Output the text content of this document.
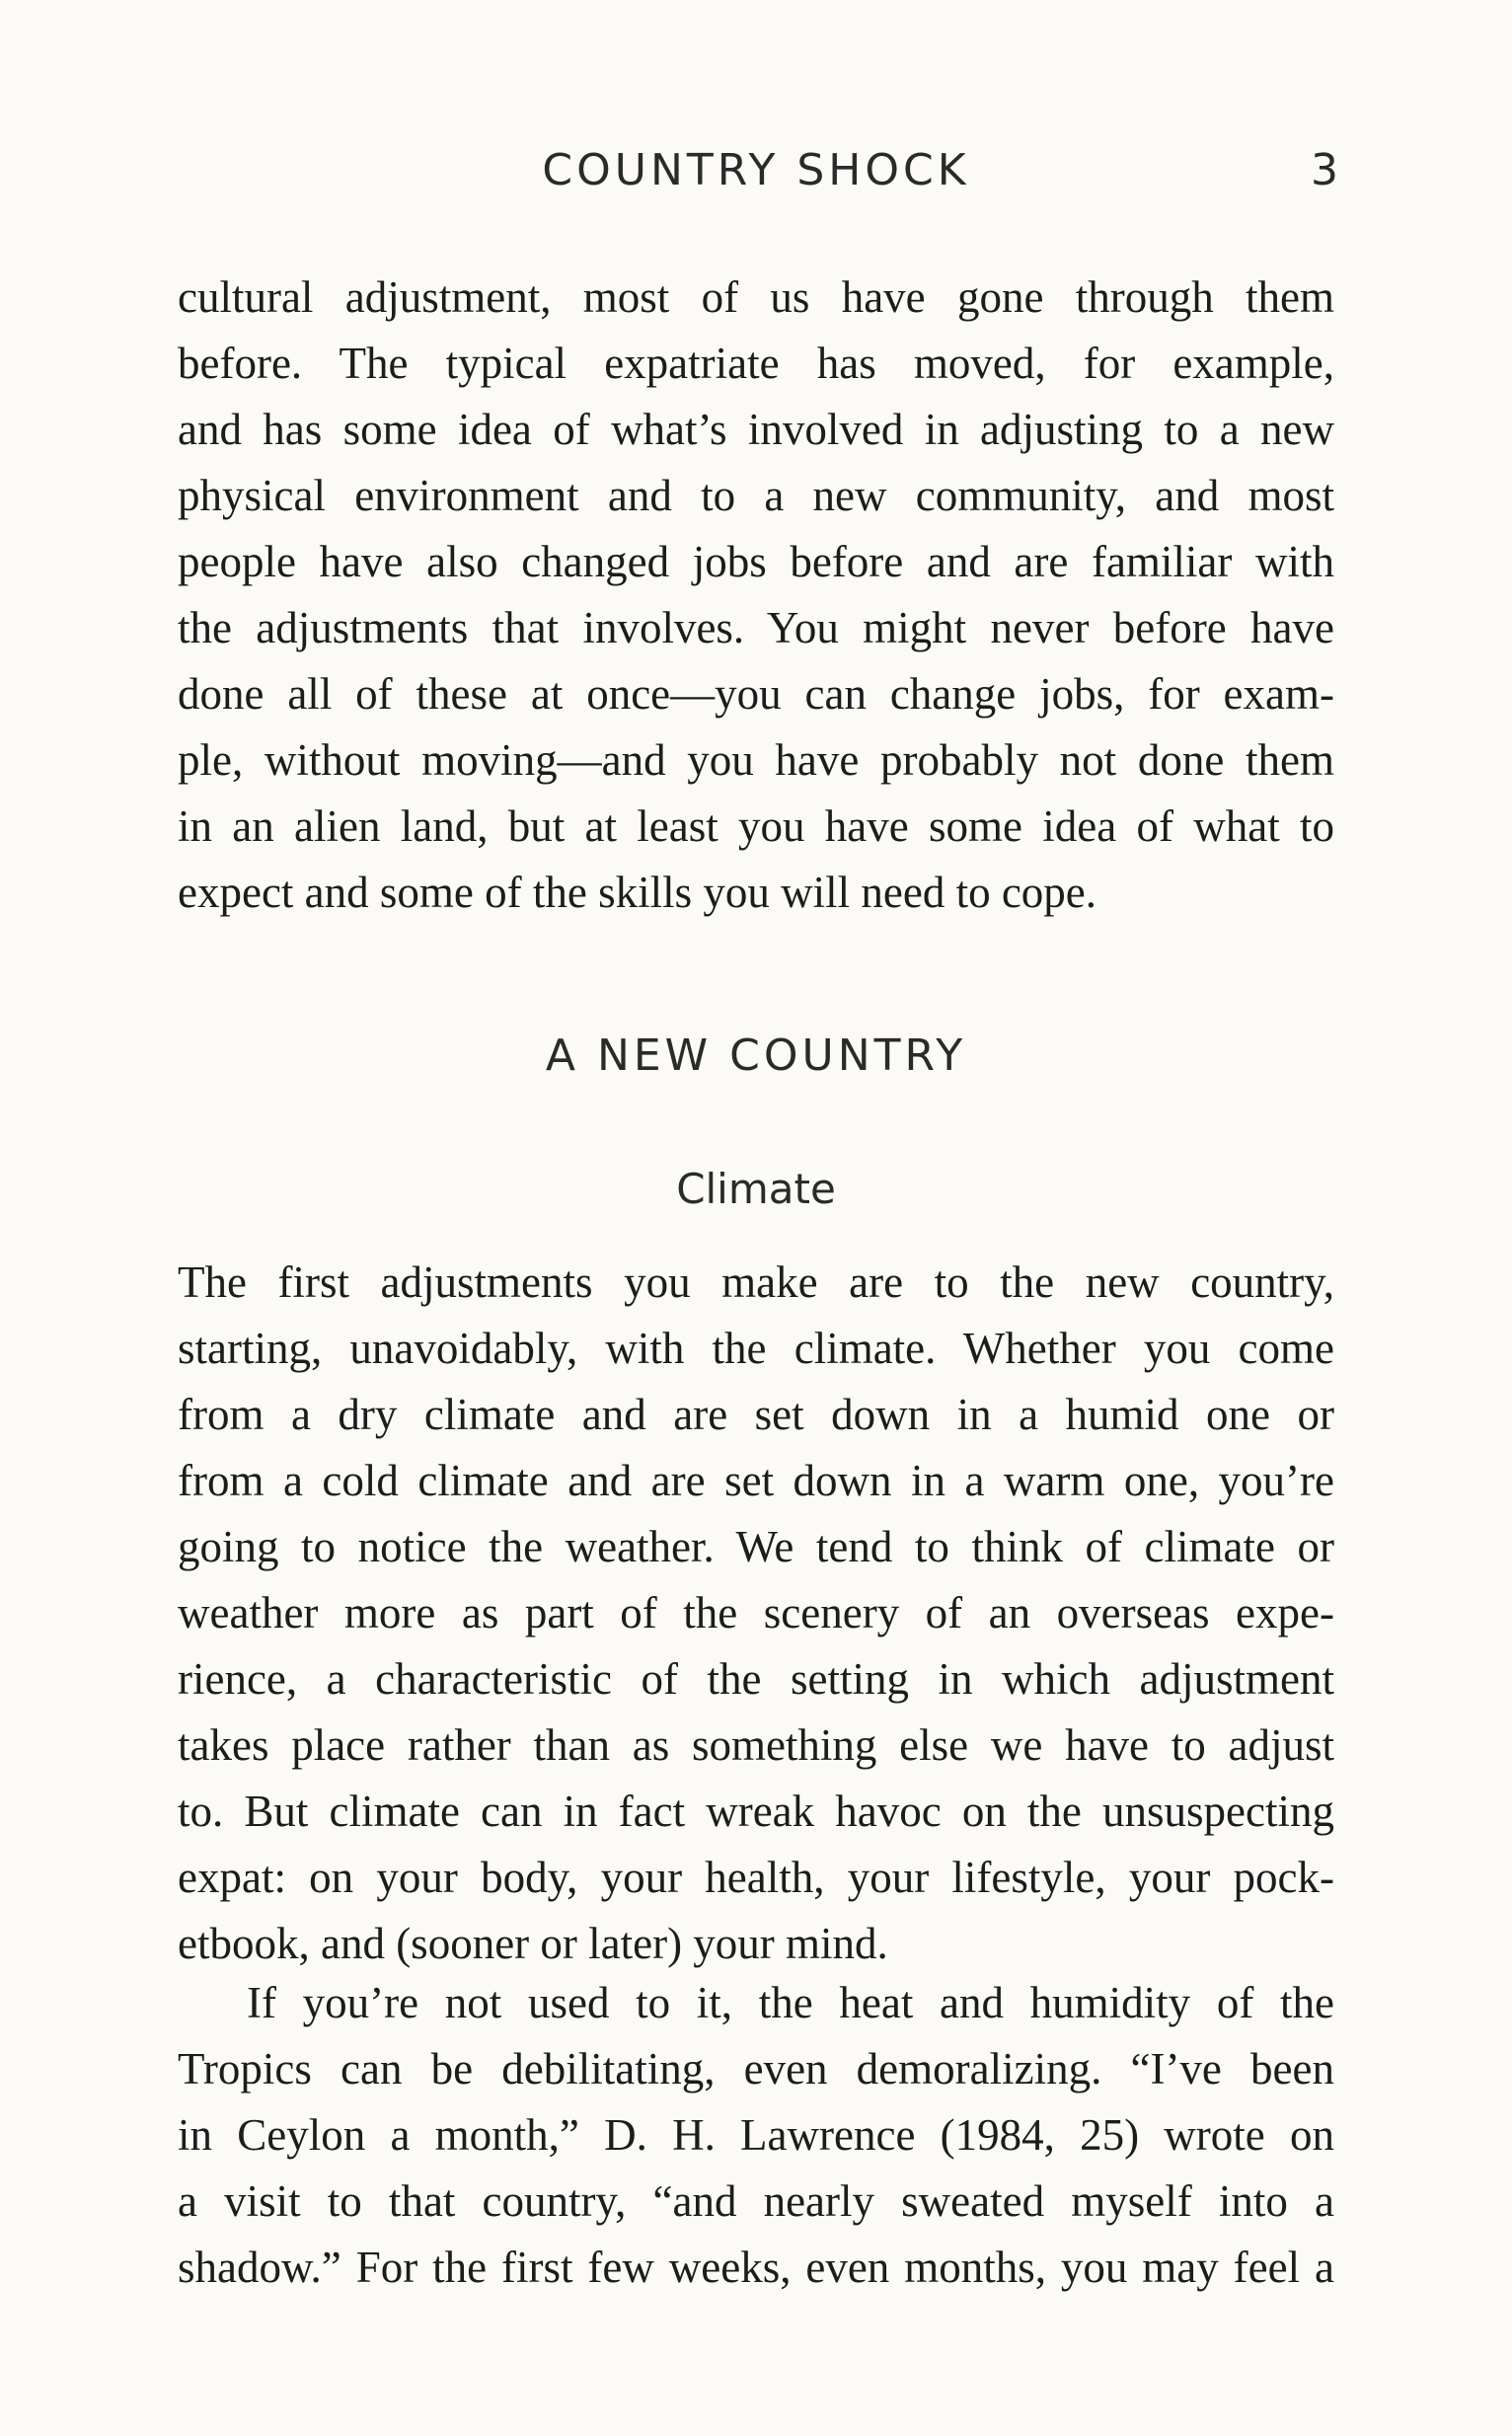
COUNTRY SHOCK	3
cultural adjustment, most of us have gone through them
before. The typical expatriate has moved, for example,
and has some idea of what’s involved in adjusting to a new
physical environment and to a new community, and most
people have also changed jobs before and are familiar with
the adjustments that involves. You might never before have
done all of these at once—you can change jobs, for exam-
ple, without moving—and you have probably not done them
in an alien land, but at least you have some idea of what to
expect and some of the skills you will need to cope.
A NEW COUNTRY
Climate
The first adjustments you make are to the new country,
starting, unavoidably, with the climate. Whether you come
from a dry climate and are set down in a humid one or
from a cold climate and are set down in a warm one, you’re
going to notice the weather. We tend to think of climate or
weather more as part of the scenery of an overseas expe-
rience, a characteristic of the setting in which adjustment
takes place rather than as something else we have to adjust
to. But climate can in fact wreak havoc on the unsuspecting
expat: on your body, your health, your lifestyle, your pock-
etbook, and (sooner or later) your mind.
If you’re not used to it, the heat and humidity of the
Tropics can be debilitating, even demoralizing. “I’ve been
in Ceylon a month,” D. H. Lawrence (1984, 25) wrote on
a visit to that country, “and nearly sweated myself into a
shadow.” For the first few weeks, even months, you may feel a
